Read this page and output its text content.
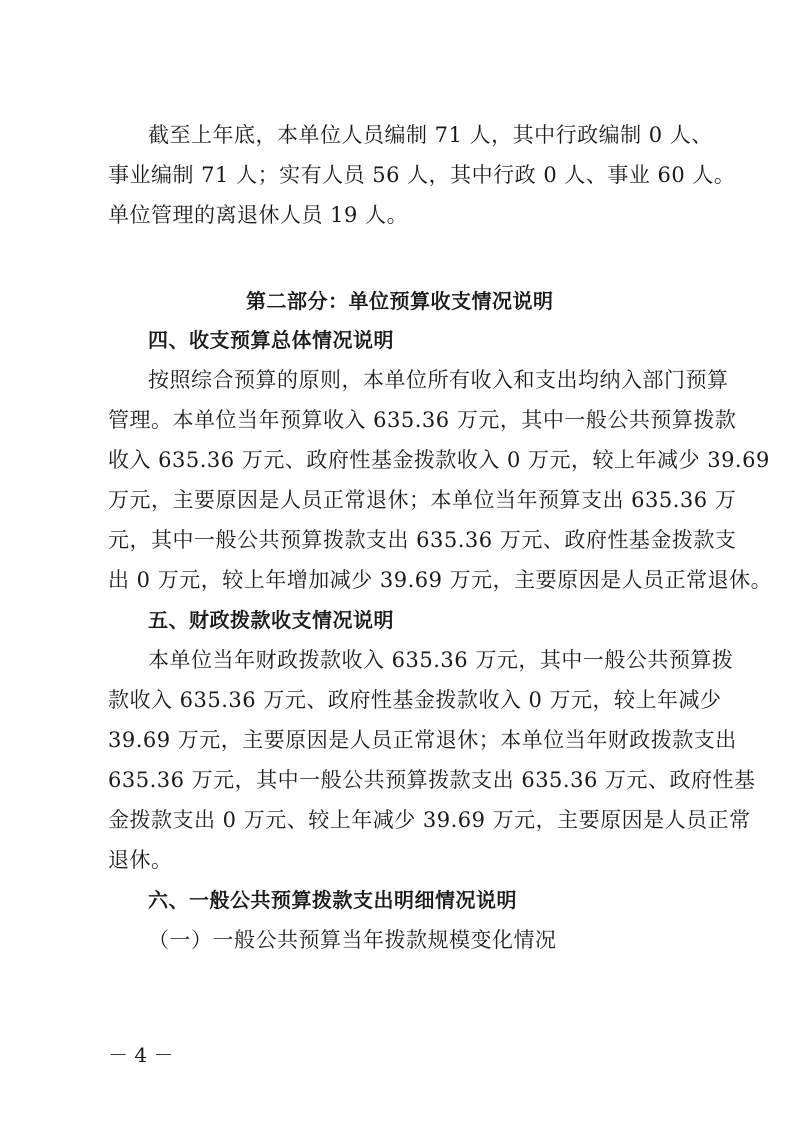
截至上年底，本单位人员编制 71 人，其中行政编制 0 人、
事业编制 71 人；实有人员 56 人，其中行政 0 人、事业 60 人。
单位管理的离退休人员 19 人。
第二部分：单位预算收支情况说明
四、收支预算总体情况说明
按照综合预算的原则，本单位所有收入和支出均纳入部门预算
管理。本单位当年预算收入 635.36 万元，其中一般公共预算拨款
收入 635.36 万元、政府性基金拨款收入 0 万元，较上年减少 39.69
万元，主要原因是人员正常退休；本单位当年预算支出 635.36 万
元，其中一般公共预算拨款支出 635.36 万元、政府性基金拨款支
出 0 万元，较上年增加减少 39.69 万元，主要原因是人员正常退休。
五、财政拨款收支情况说明
本单位当年财政拨款收入 635.36 万元，其中一般公共预算拨
款收入 635.36 万元、政府性基金拨款收入 0 万元，较上年减少
39.69 万元，主要原因是人员正常退休；本单位当年财政拨款支出
635.36 万元，其中一般公共预算拨款支出 635.36 万元、政府性基
金拨款支出 0 万元、较上年减少 39.69 万元，主要原因是人员正常
退休。
六、一般公共预算拨款支出明细情况说明
（一）一般公共预算当年拨款规模变化情况
－ 4 －
